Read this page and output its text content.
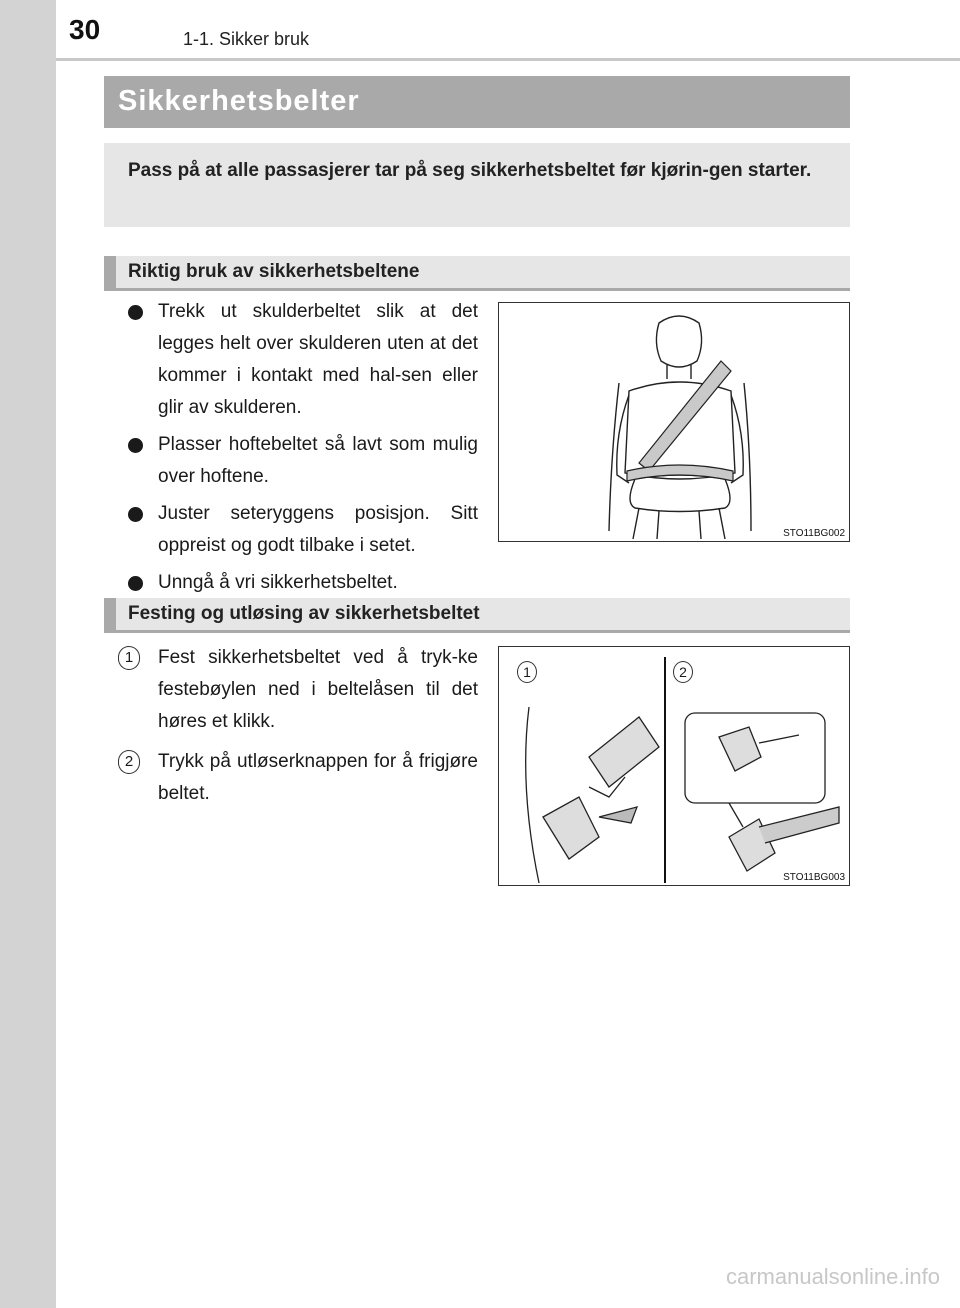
30	1-1. Sikker bruk
Sikkerhetsbelter
Pass på at alle passasjerer tar på seg sikkerhetsbeltet før kjørin-gen starter.
Riktig bruk av sikkerhetsbeltene
Trekk ut skulderbeltet slik at det legges helt over skulderen uten at det kommer i kontakt med hal-sen eller glir av skulderen.
Plasser hoftebeltet så lavt som mulig over hoftene.
Juster seteryggens posisjon. Sitt oppreist og godt tilbake i setet.
Unngå å vri sikkerhetsbeltet.
STO11BG002
Festing og utløsing av sikkerhetsbeltet
1	Fest sikkerhetsbeltet ved å tryk-ke festebøylen ned i beltelåsen til det høres et klikk.
2	Trykk på utløserknappen for å frigjøre beltet.
1	2
STO11BG003
carmanualsonline.info
